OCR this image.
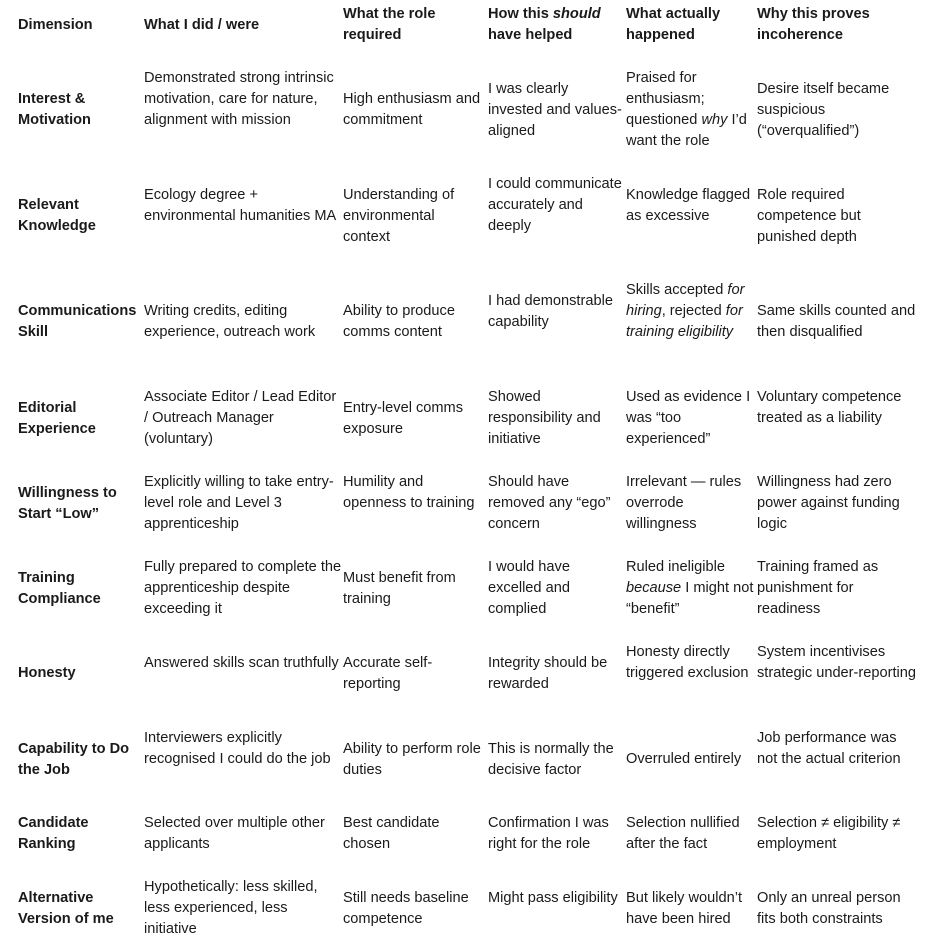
Dimension	What I did / were

What the role required

How this should have helped

What actually happened

Why this proves incoherence

Interest & Motivation

Demonstrated strong intrinsic motivation, care for nature, alignment with mission

High enthusiasm and commitment

I was clearly invested and values-aligned

Praised for enthusiasm; questioned why I’d want the role

Desire itself became suspicious (“overqualified”)

Relevant Knowledge

Ecology degree + environmental humanities MA

Understanding of environmental context

I could communicate accurately and deeply

Knowledge flagged as excessive

Role required competence but punished depth

Communications Skill

Writing credits, editing experience, outreach work

Ability to produce comms content

I had demonstrable capability

Skills accepted for hiring, rejected for training eligibility

Same skills counted and then disqualified

Editorial Experience

Associate Editor / Lead Editor / Outreach Manager (voluntary)

Entry-level comms exposure

Showed responsibility and initiative

Used as evidence I was “too experienced”

Voluntary competence treated as a liability

Willingness to Start “Low”

Explicitly willing to take entry-level role and Level 3 apprenticeship

Humility and openness to training

Should have removed any “ego” concern

Irrelevant — rules overrode willingness

Willingness had zero power against funding logic

Training Compliance

Fully prepared to complete the apprenticeship despite exceeding it

Must benefit from training

I would have excelled and complied

Ruled ineligible because I might not “benefit”

Training framed as punishment for readiness

Honesty

Answered skills scan truthfully Accurate self-reporting

Integrity should be rewarded

Honesty directly triggered exclusion

System incentivises strategic under-reporting

Capability to Do the Job

Interviewers explicitly recognised I could do the job

Ability to perform role duties

This is normally the decisive factor

Overruled entirely

Job performance was not the actual criterion

Candidate Ranking

Selected over multiple other applicants

Best candidate chosen

Confirmation I was right for the role

Selection nullified after the fact

Selection ≠ eligibility ≠ employment

Alternative Version of me

Hypothetically: less skilled, less experienced, less initiative

Still needs baseline competence

Might pass eligibility But likely wouldn’t have been hired

Only an unreal person fits both constraints
